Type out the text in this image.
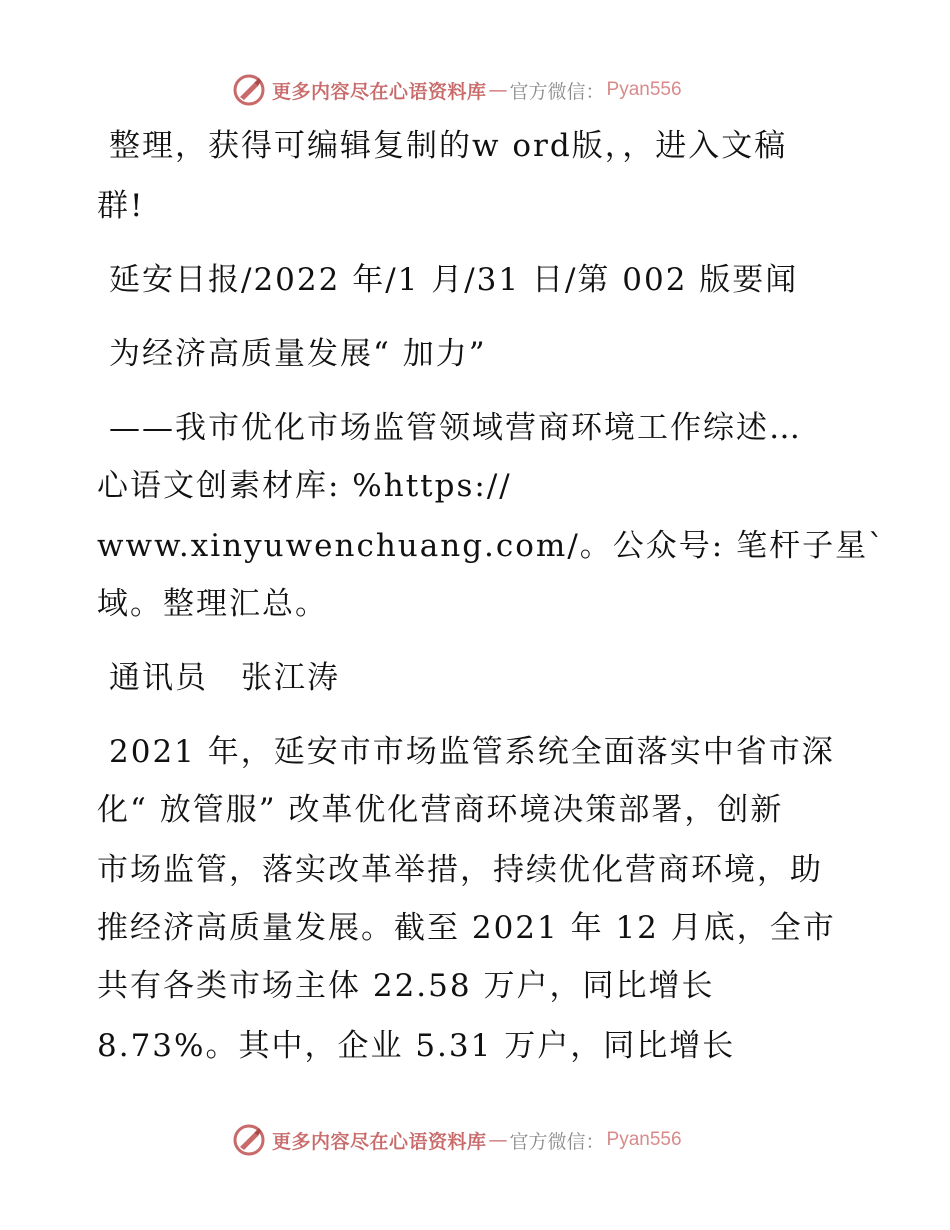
更多内容尽在心语资料库 — 官方微信： Pyan556
整理，获得可编辑复制的w ord版，，进入文稿
群!
延安日报/2022 年/1 月/31 日/第 002 版要闻
为经济高质量发展“ 加力”
——我市优化市场监管领域营商环境工作综述…
心语文创素材库: %https://
www.xinyuwenchuang.com/。公众号: 笔杆子星`
域。整理汇总。
通讯员　张江涛
2021 年，延安市市场监管系统全面落实中省市深
化“ 放管服” 改革优化营商环境决策部署，创新
市场监管，落实改革举措，持续优化营商环境，助
推经济高质量发展。截至 2021 年 12 月底，全市
共有各类市场主体 22.58 万户，同比增长
8.73%。其中，企业 5.31 万户，同比增长
更多内容尽在心语资料库 — 官方微信： Pyan556
